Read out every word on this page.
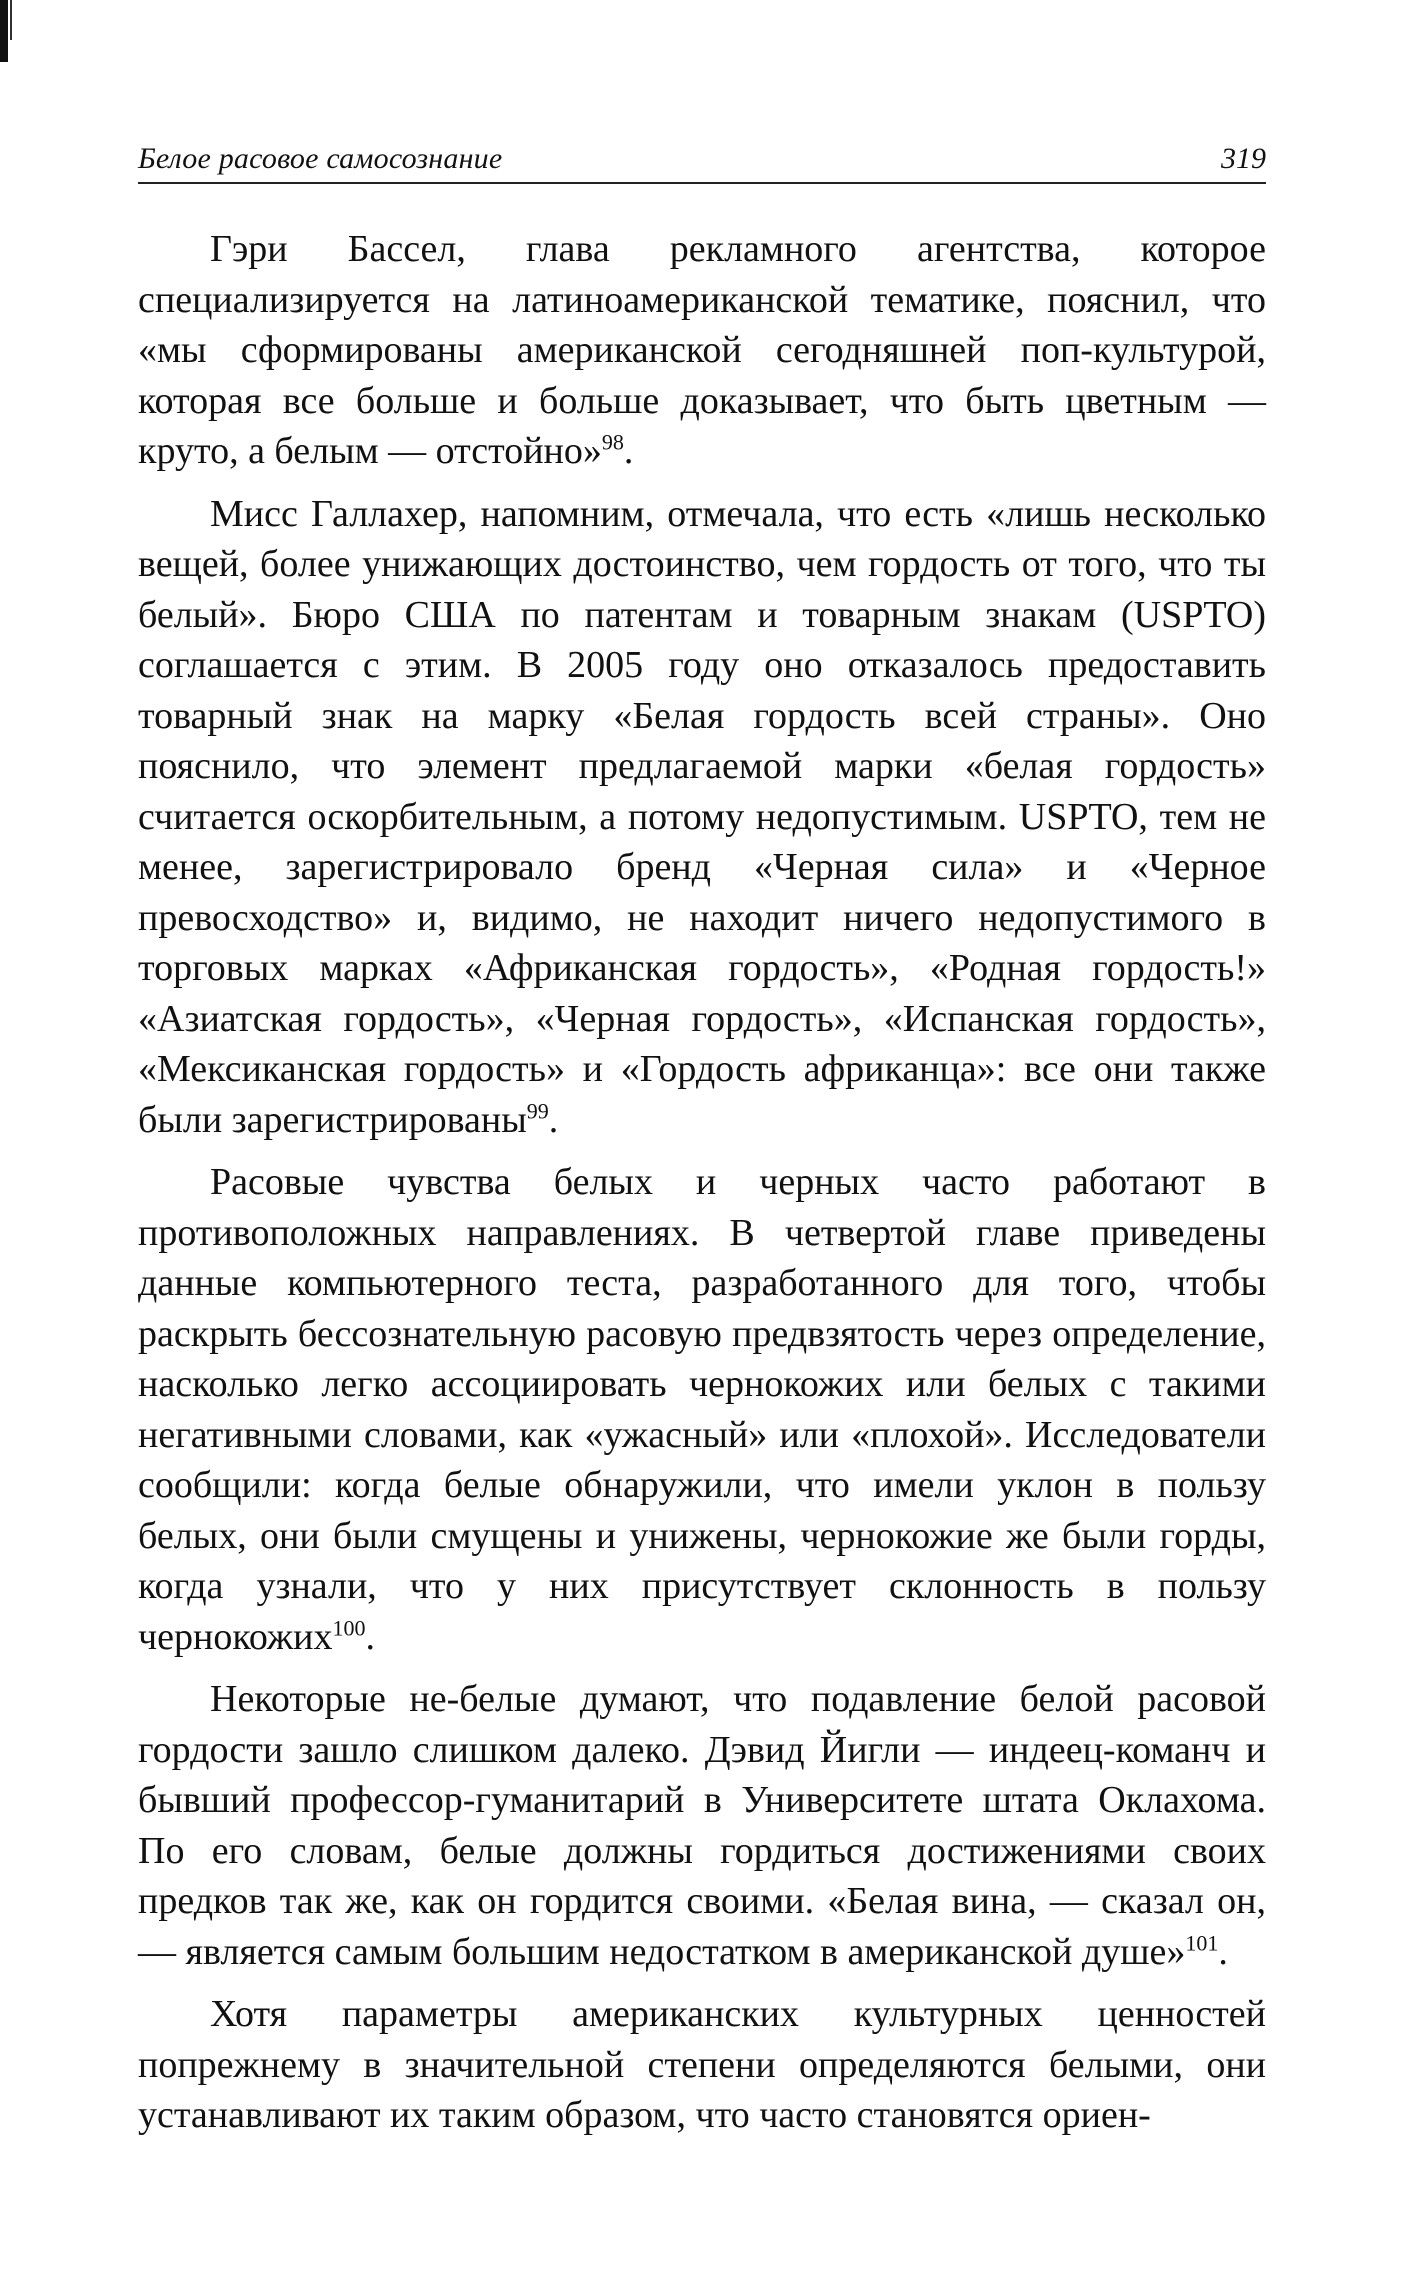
Белое расовое самосознание	319

Гэри Бассел, глава рекламного агентства, которое специализируется на латиноамериканской тематике, пояснил, что «мы сформированы американской сегодняшней поп-культурой, которая все больше и больше доказывает, что быть цветным — круто, а белым — отстойно»$^{98}$.

Мисс Галлахер, напомним, отмечала, что есть «лишь несколько вещей, более унижающих достоинство, чем гордость от того, что ты белый». Бюро США по патентам и товарным знакам (USPTO) соглашается с этим. В 2005 году оно отказалось предоставить товарный знак на марку «Белая гордость всей страны». Оно пояснило, что элемент предлагаемой марки «белая гордость» считается оскорбительным, а потому недопустимым. USPTO, тем не менее, зарегистрировало бренд «Черная сила» и «Черное превосходство» и, видимо, не находит ничего недопустимого в торговых марках «Африканская гордость», «Родная гордость!» «Азиатская гордость», «Черная гордость», «Испанская гордость», «Мексиканская гордость» и «Гордость африканца»: все они также были зарегистрированы$^{99}$.

Расовые чувства белых и черных часто работают в противоположных направлениях. В четвертой главе приведены данные компьютерного теста, разработанного для того, чтобы раскрыть бессознательную расовую предвзятость через определение, насколько легко ассоциировать чернокожих или белых с такими негативными словами, как «ужасный» или «плохой». Исследователи сообщили: когда белые обнаружили, что имели уклон в пользу белых, они были смущены и унижены, чернокожие же были горды, когда узнали, что у них присутствует склонность в пользу чернокожих$^{100}$.

Некоторые не-белые думают, что подавление белой расовой гордости зашло слишком далеко. Дэвид Йигли — индеец-команч и бывший профессор-гуманитарий в Университете штата Оклахома. По его словам, белые должны гордиться достижениями своих предков так же, как он гордится своими. «Белая вина, — сказал он, — является самым большим недостатком в американской душе»$^{101}$.

Хотя параметры американских культурных ценностей попрежнему в значительной степени определяются белыми, они устанавливают их таким образом, что часто становятся ориен-
